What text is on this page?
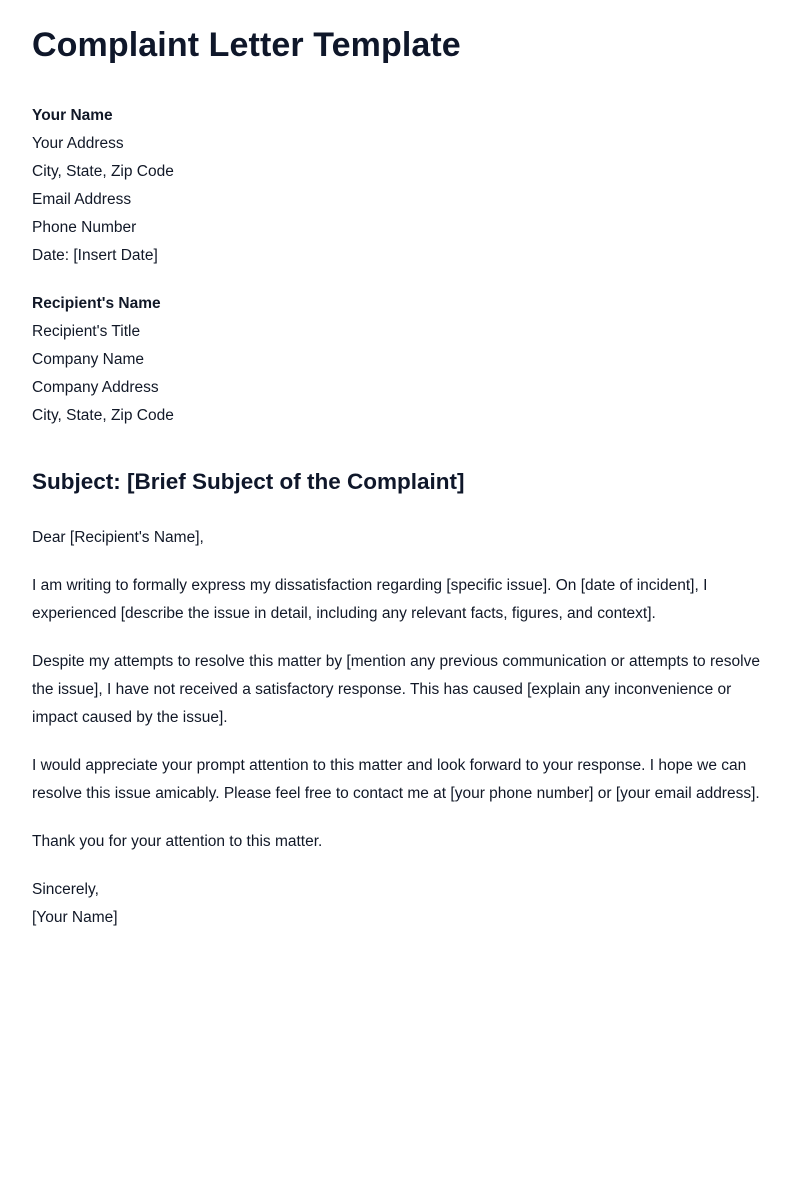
Complaint Letter Template
Your Name
Your Address
City, State, Zip Code
Email Address
Phone Number
Date: [Insert Date]
Recipient's Name
Recipient's Title
Company Name
Company Address
City, State, Zip Code
Subject: [Brief Subject of the Complaint]

Dear [Recipient's Name],

I am writing to formally express my dissatisfaction regarding [specific issue]. On [date of incident], I experienced [describe the issue in detail, including any relevant facts, figures, and context].

Despite my attempts to resolve this matter by [mention any previous communication or attempts to resolve the issue], I have not received a satisfactory response. This has caused [explain any inconvenience or impact caused by the issue].

I would appreciate your prompt attention to this matter and look forward to your response. I hope we can resolve this issue amicably. Please feel free to contact me at [your phone number] or [your email address].

Thank you for your attention to this matter.

Sincerely,
[Your Name]
